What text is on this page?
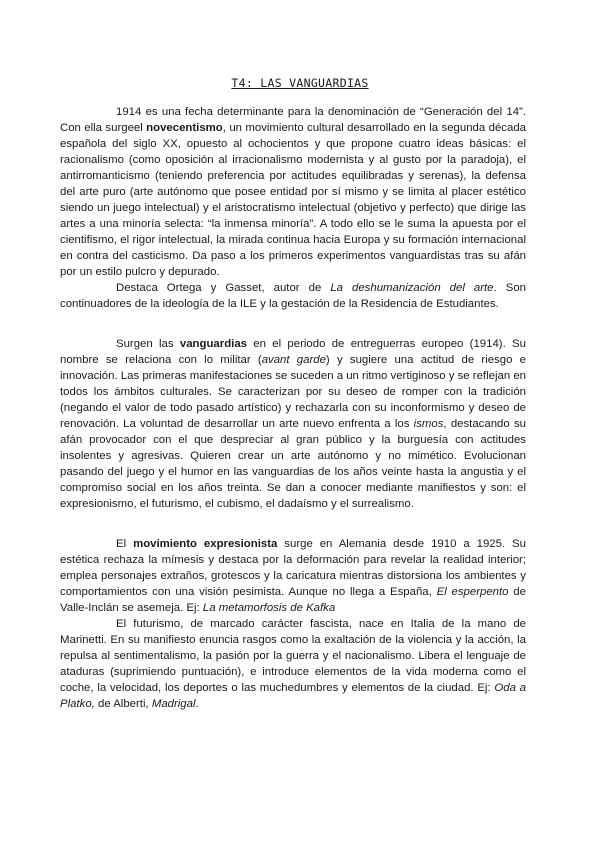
T4: LAS VANGUARDIAS

1914 es una fecha determinante para la denominación de “Generación del 14”. Con ella surgeel novecentismo, un movimiento cultural desarrollado en la segunda década española del siglo XX, opuesto al ochocientos y que propone cuatro ideas básicas: el racionalismo (como oposición al irracionalismo modernista y al gusto por la paradoja), el antirromanticismo (teniendo preferencia por actitudes equilibradas y serenas), la defensa del arte puro (arte autónomo que posee entidad por sí mismo y se limita al placer estético siendo un juego intelectual) y el aristocratismo intelectual (objetivo y perfecto) que dirige las artes a una minoría selecta: “la inmensa minoría”. A todo ello se le suma la apuesta por el cientifismo, el rigor intelectual, la mirada continua hacia Europa y su formación internacional en contra del casticismo. Da paso a los primeros experimentos vanguardistas tras su afán por un estilo pulcro y depurado.

Destaca Ortega y Gasset, autor de La deshumanización del arte. Son continuadores de la ideología de la ILE y la gestación de la Residencia de Estudiantes.

Surgen las vanguardias en el periodo de entreguerras europeo (1914). Su nombre se relaciona con lo militar (avant garde) y sugiere una actitud de riesgo e innovación. Las primeras manifestaciones se suceden a un ritmo vertiginoso y se reflejan en todos los ámbitos culturales. Se caracterizan por su deseo de romper con la tradición (negando el valor de todo pasado artístico) y rechazarla con su inconformismo y deseo de renovación. La voluntad de desarrollar un arte nuevo enfrenta a los ismos, destacando su afán provocador con el que despreciar al gran público y la burguesía con actitudes insolentes y agresivas. Quieren crear un arte autónomo y no mimético. Evolucionan pasando del juego y el humor en las vanguardias de los años veinte hasta la angustia y el compromiso social en los años treinta. Se dan a conocer mediante manifiestos y son: el expresionismo, el futurismo, el cubismo, el dadaísmo y el surrealismo.

El movimiento expresionista surge en Alemania desde 1910 a 1925. Su estética rechaza la mímesis y destaca por la deformación para revelar la realidad interior; emplea personajes extraños, grotescos y la caricatura mientras distorsiona los ambientes y comportamientos con una visión pesimista. Aunque no llega a España, El esperpento de Valle-Inclán se asemeja. Ej: La metamorfosis de Kafka

El futurismo, de marcado carácter fascista, nace en Italia de la mano de Marinetti. En su manifiesto enuncia rasgos como la exaltación de la violencia y la acción, la repulsa al sentimentalismo, la pasión por la guerra y el nacionalismo. Libera el lenguaje de ataduras (suprimiendo puntuación), e introduce elementos de la vida moderna como el coche, la velocidad, los deportes o las muchedumbres y elementos de la ciudad. Ej: Oda a Platko, de Alberti, Madrigal.
